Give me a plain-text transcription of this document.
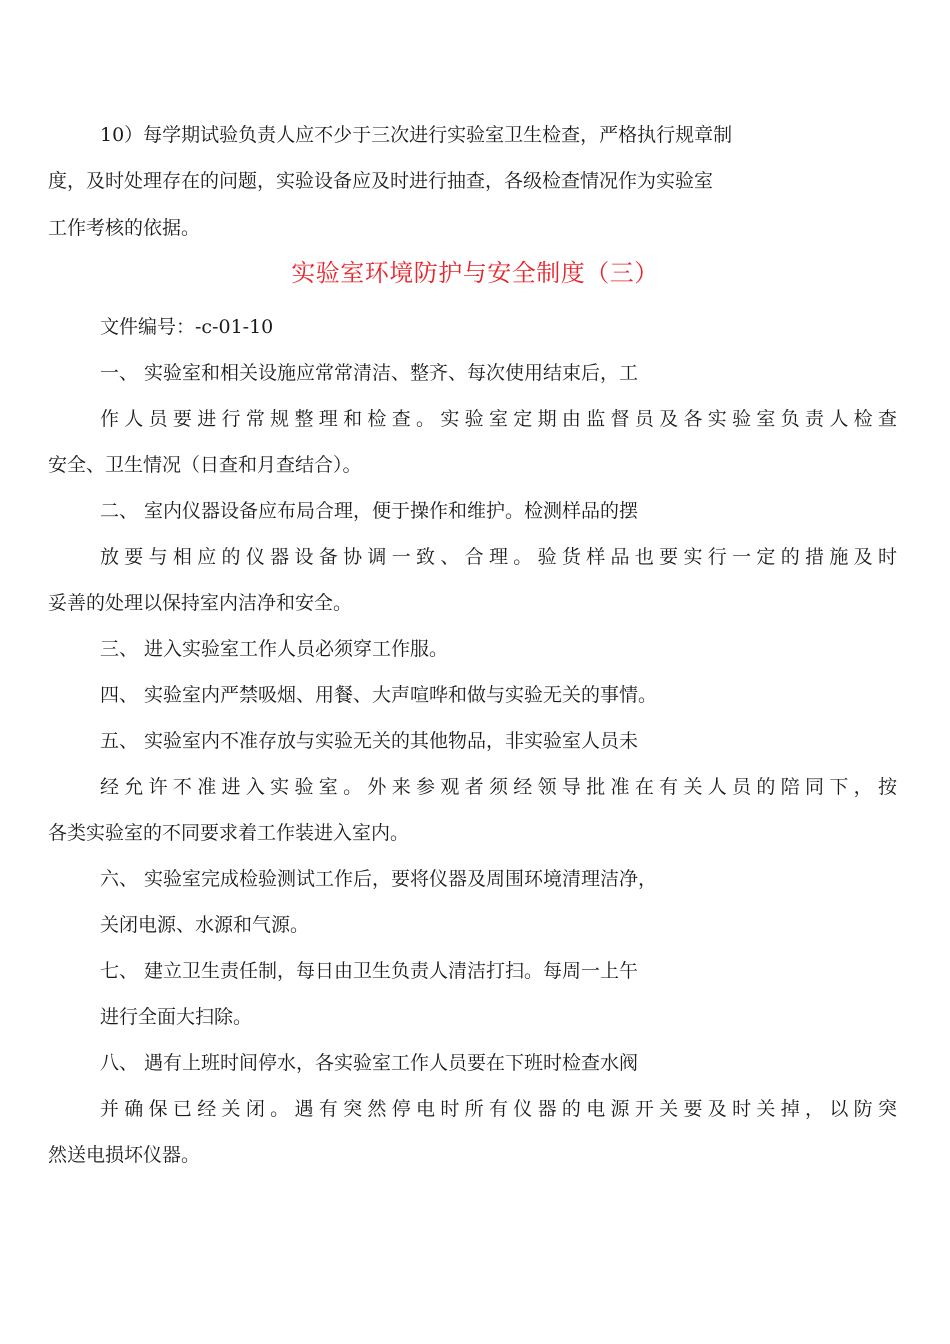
10）每学期试验负责人应不少于三次进行实验室卫生检查，严格执行规章制
度，及时处理存在的问题，实验设备应及时进行抽查，各级检查情况作为实验室
工作考核的依据。
实验室环境防护与安全制度（三）
文件编号：-c-01-10
一、 实验室和相关设施应常常清洁、整齐、每次使用结束后，工
作人员要进行常规整理和检查。实验室定期由监督员及各实验室负责人检查
安全、卫生情况（日查和月查结合）。
二、 室内仪器设备应布局合理，便于操作和维护。检测样品的摆
放要与相应的仪器设备协调一致、合理。验货样品也要实行一定的措施及时
妥善的处理以保持室内洁净和安全。
三、 进入实验室工作人员必须穿工作服。
四、 实验室内严禁吸烟、用餐、大声喧哗和做与实验无关的事情。
五、 实验室内不准存放与实验无关的其他物品，非实验室人员未
经允许不准进入实验室。外来参观者须经领导批准在有关人员的陪同下，按
各类实验室的不同要求着工作装进入室内。
六、 实验室完成检验测试工作后，要将仪器及周围环境清理洁净，
关闭电源、水源和气源。
七、 建立卫生责任制，每日由卫生负责人清洁打扫。每周一上午
进行全面大扫除。
八、 遇有上班时间停水，各实验室工作人员要在下班时检查水阀
并确保已经关闭。遇有突然停电时所有仪器的电源开关要及时关掉，以防突
然送电损坏仪器。
